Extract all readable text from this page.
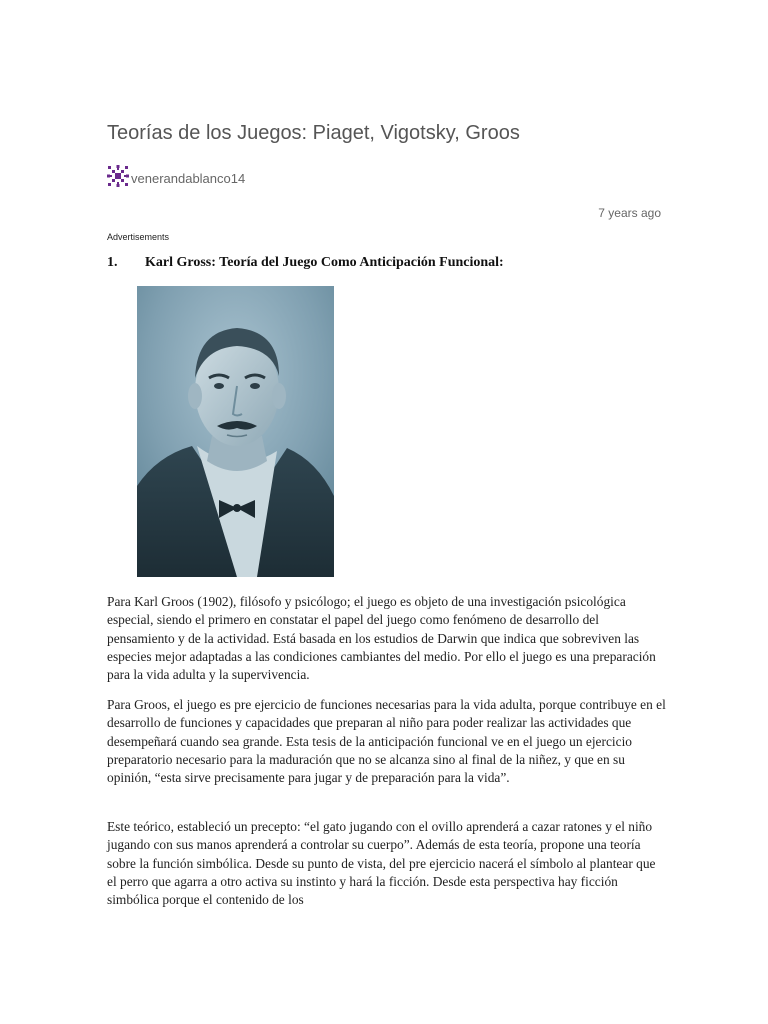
Teorías de los Juegos: Piaget, Vigotsky, Groos
venerandablanco14
7 years ago
Advertisements
1. Karl Gross: Teoría del Juego Como Anticipación Funcional:

Para Karl Groos (1902), filósofo y psicólogo; el juego es objeto de una investigación psicológica especial, siendo el primero en constatar el papel del juego como fenómeno de desarrollo del pensamiento y de la actividad. Está basada en los estudios de Darwin que indica que sobreviven las especies mejor adaptadas a las condiciones cambiantes del medio. Por ello el juego es una preparación para la vida adulta y la supervivencia.

Para Groos, el juego es pre ejercicio de funciones necesarias para la vida adulta, porque contribuye en el desarrollo de funciones y capacidades que preparan al niño para poder realizar las actividades que desempeñará cuando sea grande. Esta tesis de la anticipación funcional ve en el juego un ejercicio preparatorio necesario para la maduración que no se alcanza sino al final de la niñez, y que en su opinión, “esta sirve precisamente para jugar y de preparación para la vida”.

Este teórico, estableció un precepto: “el gato jugando con el ovillo aprenderá a cazar ratones y el niño jugando con sus manos aprenderá a controlar su cuerpo”. Además de esta teoría, propone una teoría sobre la función simbólica. Desde su punto de vista, del pre ejercicio nacerá el símbolo al plantear que el perro que agarra a otro activa su instinto y hará la ficción. Desde esta perspectiva hay ficción simbólica porque el contenido de los
